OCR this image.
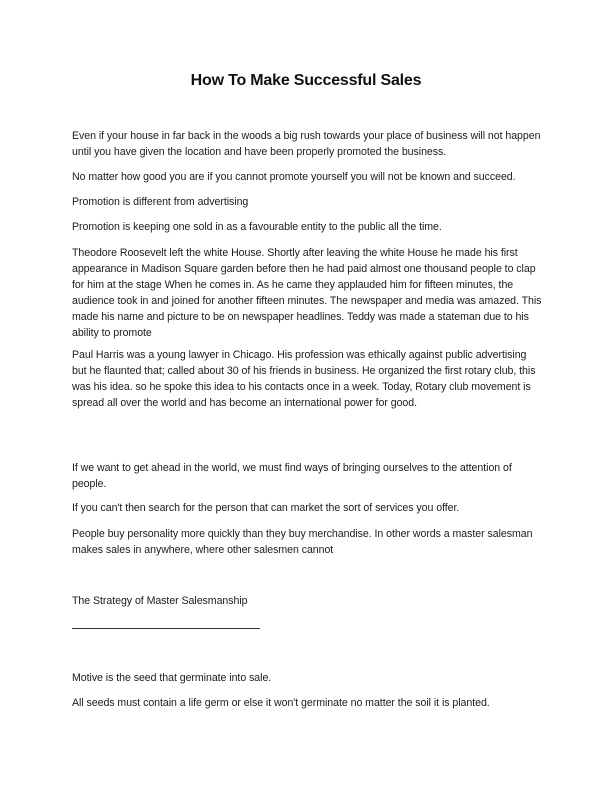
How To Make Successful Sales

Even if your house in far back in the woods a big rush towards your place of business will not happen until you have given the location and have been properly promoted the business.

No matter how good you are if you cannot promote yourself you will not be known and succeed.

Promotion is different from advertising

Promotion is keeping one sold in as a favourable entity to the public all the time.

Theodore Roosevelt left the white House. Shortly after leaving the white House he made his first appearance in Madison Square garden before then he had paid almost one thousand people to clap for him at the stage When he comes in. As he came they applauded him for fifteen minutes, the audience took in and joined for another fifteen minutes. The newspaper and media was amazed. This made his name and picture to be on newspaper headlines. Teddy was made a stateman due to his ability to promote

Paul Harris was a young lawyer in Chicago. His profession was ethically against public advertising but he flaunted that; called about 30 of his friends in business. He organized the first rotary club, this was his idea. so he spoke this idea to his contacts once in a week. Today, Rotary club movement is spread all over the world and has become an international power for good.

If we want to get ahead in the world, we must find ways of bringing ourselves to the attention of people.

If you can't then search for the person that can market the sort of services you offer.

People buy personality more quickly than they buy merchandise. In other words a master salesman makes sales in anywhere, where other salesmen cannot

The Strategy of Master Salesmanship

Motive is the seed that germinate into sale.

All seeds must contain a life germ or else it won't germinate no matter the soil it is planted.
